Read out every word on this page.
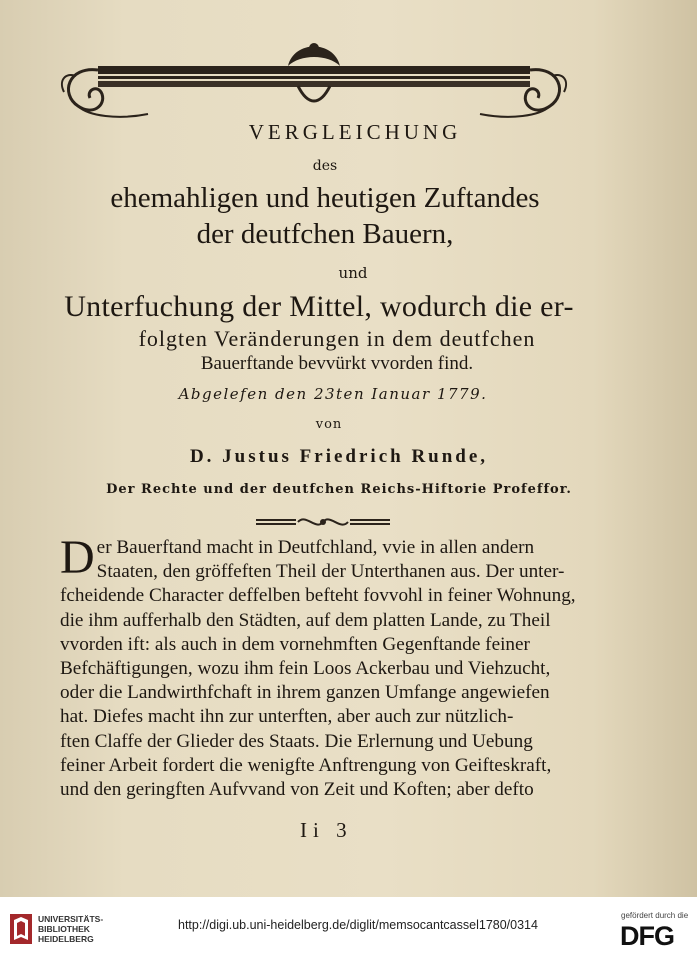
VERGLEICHUNG
des
ehemahligen und heutigen Zuftandes
der deutfchen Bauern,
und
Unterfuchung der Mittel, wodurch die er-
folgten Veränderungen in dem deutfchen
Bauerftande bevvürkt vvorden find.
Abgelefen den 23ten Ianuar 1779.
von
D. Justus Friedrich Runde,
Der Rechte und der deutfchen Reichs-Hiftorie Profeffor.
D er Bauerftand macht in Deutfchland, vvie in allen andern
Staaten, den gröffeften Theil der Unterthanen aus. Der unter-
fcheidende Character deffelben befteht fovvohl in feiner Wohnung,
die ihm aufferhalb den Städten, auf dem platten Lande, zu Theil
vvorden ift: als auch in dem vornehmften Gegenftande feiner
Befchäftigungen, wozu ihm fein Loos Ackerbau und Viehzucht,
oder die Landwirthfchaft in ihrem ganzen Umfange angewiefen
hat. Diefes macht ihn zur unterften, aber auch zur nützlich-
ften Claffe der Glieder des Staats. Die Erlernung und Uebung
feiner Arbeit fordert die wenigfte Anftrengung von Geifteskraft,
und den geringften Aufvvand von Zeit und Koften; aber defto
Ii 3
UNIVERSITÄTS-
BIBLIOTHEK
HEIDELBERG
http://digi.ub.uni-heidelberg.de/diglit/memsocantcassel1780/0314
gefördert durch die
DFG
